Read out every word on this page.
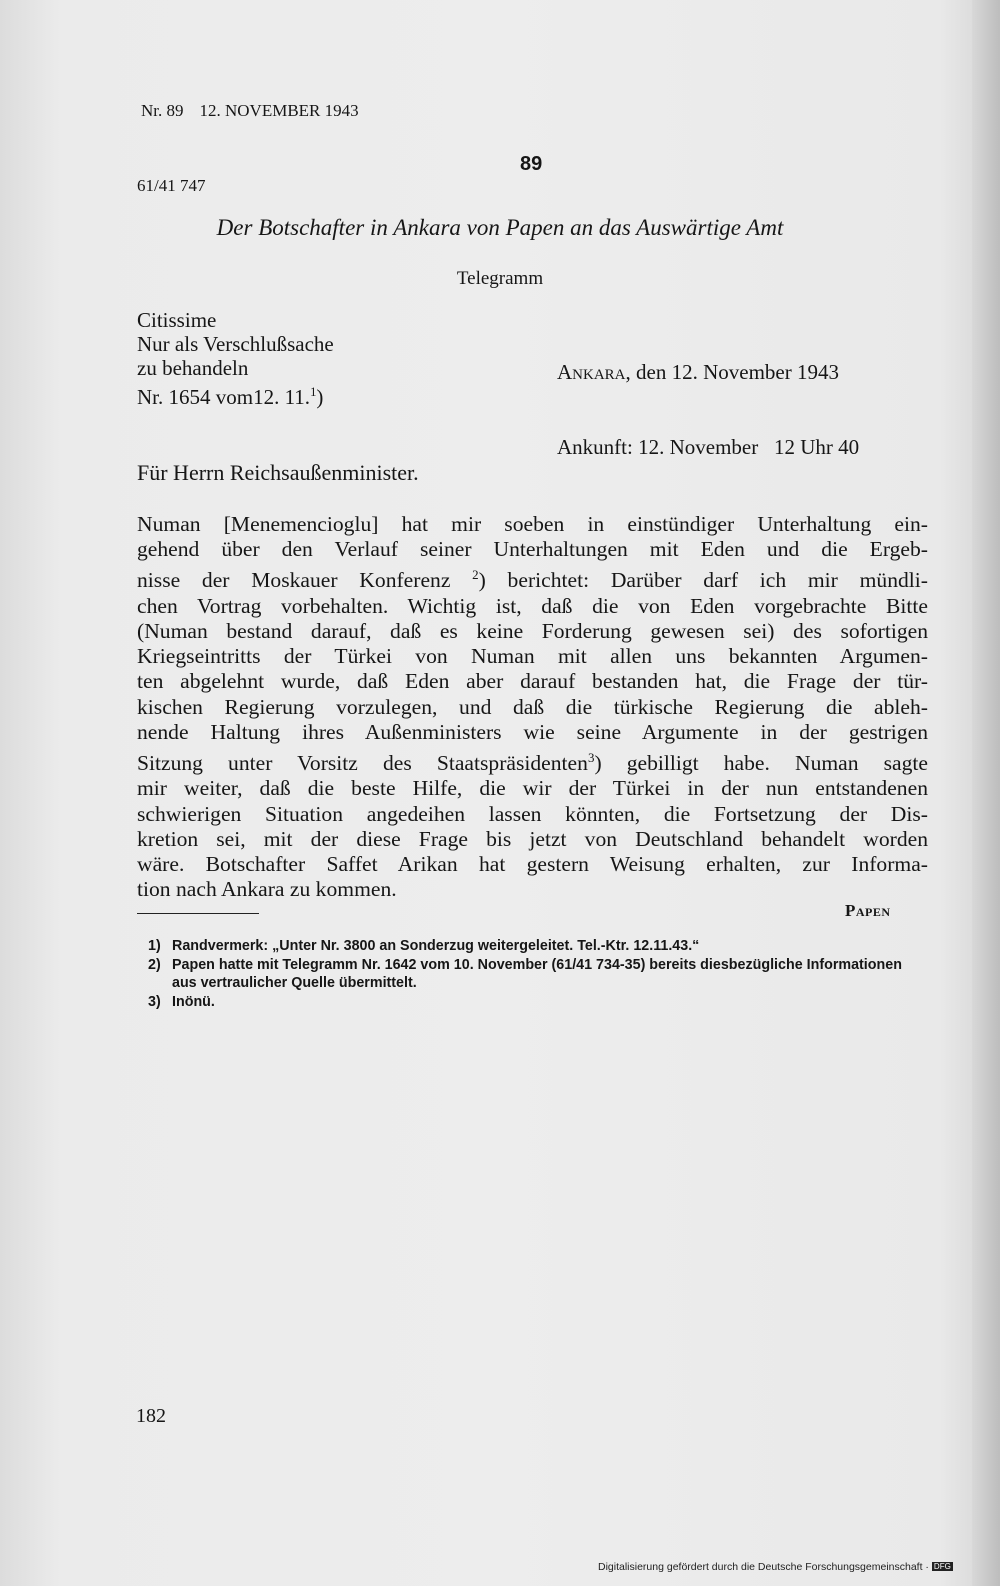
Nr. 89 12. NOVEMBER 1943
89
61/41 747
Der Botschafter in Ankara von Papen an das Auswärtige Amt
Telegramm
Citissime
Nur als Verschlußsache
zu behandeln
Nr. 1654 vom12. 11.$^1$)

Ankara, den 12. November 1943

Ankunft: 12. November   12 Uhr 40

Für Herrn Reichsaußenminister.
Numan [Menemencioglu] hat mir soeben in einstündiger Unterhaltung ein-
gehend über den Verlauf seiner Unterhaltungen mit Eden und die Ergeb-
nisse der Moskauer Konferenz $^2$) berichtet: Darüber darf ich mir mündli-
chen Vortrag vorbehalten. Wichtig ist, daß die von Eden vorgebrachte Bitte
(Numan bestand darauf, daß es keine Forderung gewesen sei) des sofortigen
Kriegseintritts der Türkei von Numan mit allen uns bekannten Argumen-
ten abgelehnt wurde, daß Eden aber darauf bestanden hat, die Frage der tür-
kischen Regierung vorzulegen, und daß die türkische Regierung die ableh-
nende Haltung ihres Außenministers wie seine Argumente in der gestrigen
Sitzung unter Vorsitz des Staatspräsidenten$^3$) gebilligt habe. Numan sagte
mir weiter, daß die beste Hilfe, die wir der Türkei in der nun entstandenen
schwierigen Situation angedeihen lassen könnten, die Fortsetzung der Dis-
kretion sei, mit der diese Frage bis jetzt von Deutschland behandelt worden
wäre. Botschafter Saffet Arikan hat gestern Weisung erhalten, zur Informa-
tion nach Ankara zu kommen.
Papen
1) Randvermerk: „Unter Nr. 3800 an Sonderzug weitergeleitet. Tel.-Ktr. 12.11.43.“
2) Papen hatte mit Telegramm Nr. 1642 vom 10. November (61/41 734-35) bereits diesbezügliche Informationen aus vertraulicher Quelle übermittelt.
3) Inönü.
182
Digitalisierung gefördert durch die Deutsche Forschungsgemeinschaft · DFG
